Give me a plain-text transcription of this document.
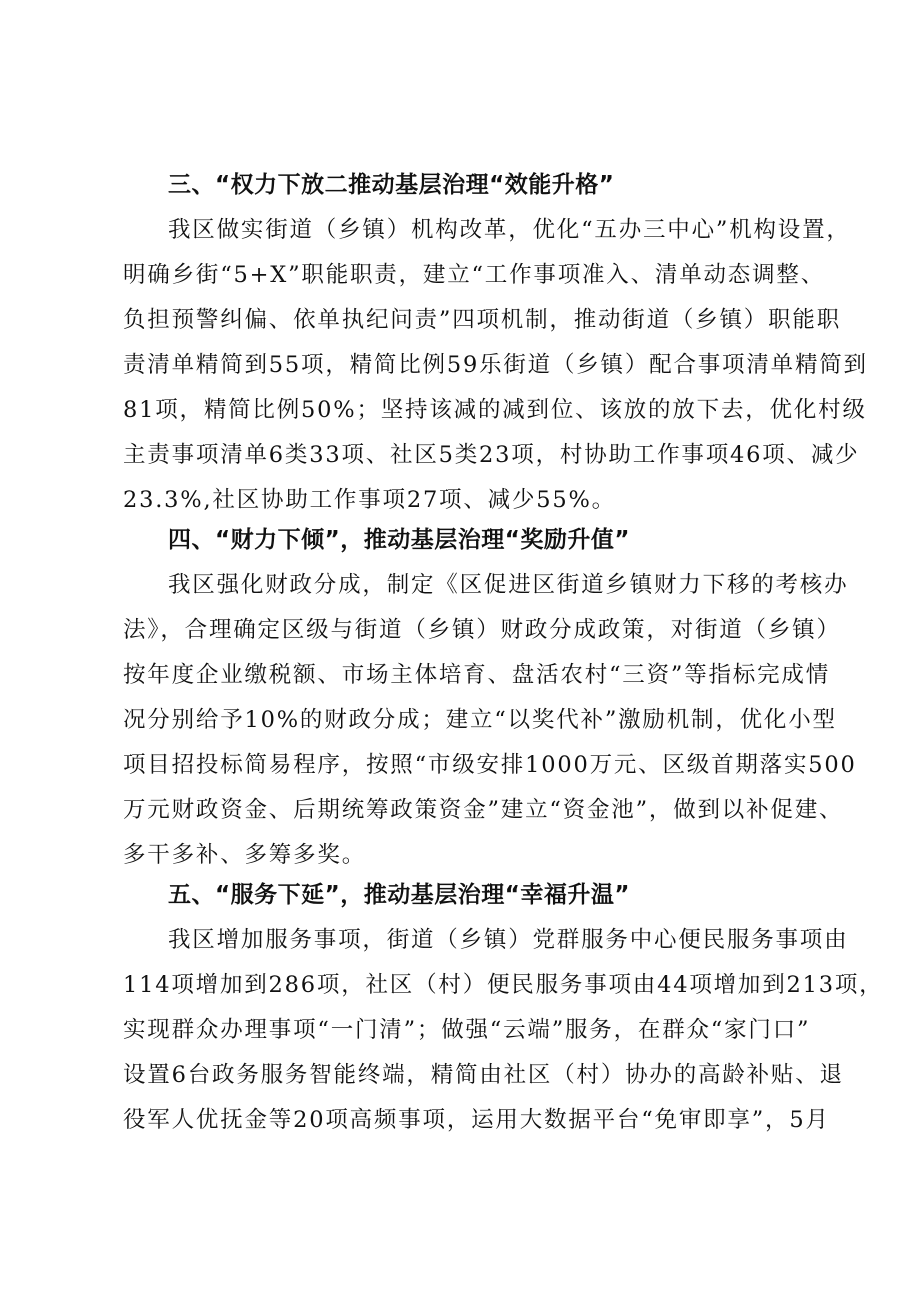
三、“权力下放二推动基层治理“效能升格”
我区做实街道（乡镇）机构改革，优化“五办三中心”机构设置，
明确乡街“5+X”职能职责，建立“工作事项准入、清单动态调整、
负担预警纠偏、依单执纪问责”四项机制，推动街道（乡镇）职能职
责清单精简到55项，精简比例59乐街道（乡镇）配合事项清单精简到
81项，精简比例50%；坚持该减的减到位、该放的放下去，优化村级
主责事项清单6类33项、社区5类23项，村协助工作事项46项、减少
23.3%,社区协助工作事项27项、减少55%。
四、“财力下倾”，推动基层治理“奖励升值”
我区强化财政分成，制定《区促进区街道乡镇财力下移的考核办
法》，合理确定区级与街道（乡镇）财政分成政策，对街道（乡镇）
按年度企业缴税额、市场主体培育、盘活农村“三资”等指标完成情
况分别给予10%的财政分成；建立“以奖代补”激励机制，优化小型
项目招投标简易程序，按照“市级安排1000万元、区级首期落实500
万元财政资金、后期统筹政策资金”建立“资金池”，做到以补促建、
多干多补、多筹多奖。
五、“服务下延”，推动基层治理“幸福升温”
我区增加服务事项，街道（乡镇）党群服务中心便民服务事项由
114项增加到286项，社区（村）便民服务事项由44项增加到213项，
实现群众办理事项“一门清”；做强“云端”服务，在群众“家门口”
设置6台政务服务智能终端，精简由社区（村）协办的高龄补贴、退
役军人优抚金等20项高频事项，运用大数据平台“免审即享”，5月
